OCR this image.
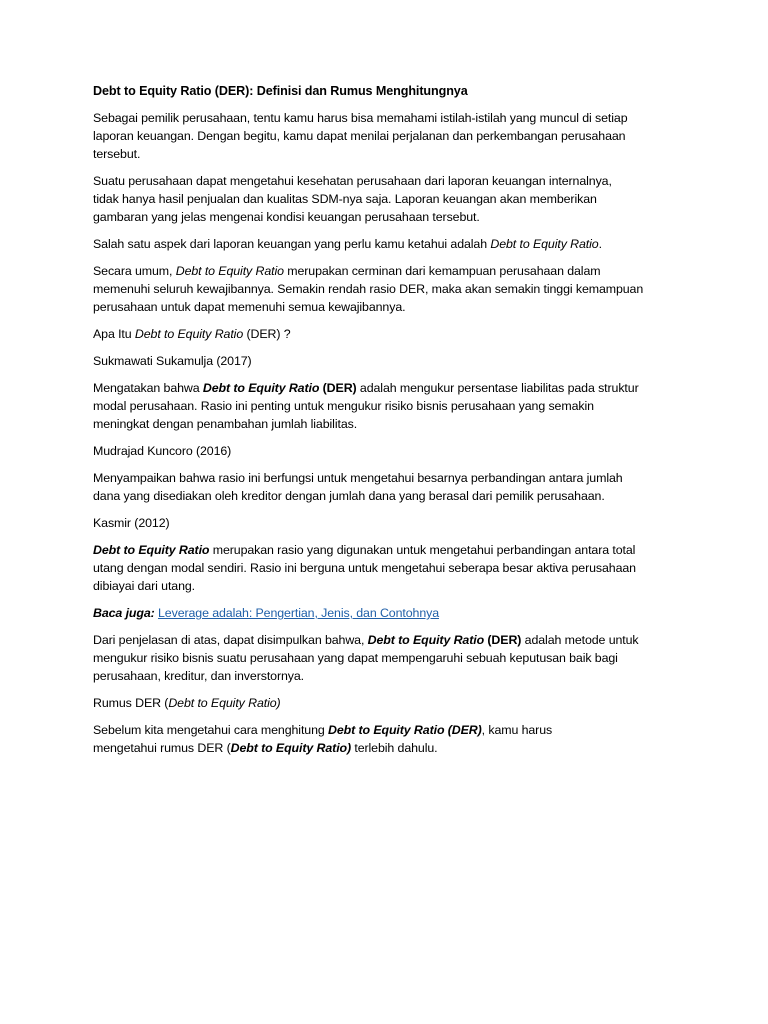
Debt to Equity Ratio (DER): Definisi dan Rumus Menghitungnya
Sebagai pemilik perusahaan, tentu kamu harus bisa memahami istilah-istilah yang muncul di setiap
laporan keuangan. Dengan begitu, kamu dapat menilai perjalanan dan perkembangan perusahaan
tersebut.
Suatu perusahaan dapat mengetahui kesehatan perusahaan dari laporan keuangan internalnya,
tidak hanya hasil penjualan dan kualitas SDM-nya saja. Laporan keuangan akan memberikan
gambaran yang jelas mengenai kondisi keuangan perusahaan tersebut.
Salah satu aspek dari laporan keuangan yang perlu kamu ketahui adalah Debt to Equity Ratio.
Secara umum, Debt to Equity Ratio merupakan cerminan dari kemampuan perusahaan dalam
memenuhi seluruh kewajibannya. Semakin rendah rasio DER, maka akan semakin tinggi kemampuan
perusahaan untuk dapat memenuhi semua kewajibannya.
Apa Itu Debt to Equity Ratio (DER) ?
Sukmawati Sukamulja (2017)
Mengatakan bahwa Debt to Equity Ratio (DER) adalah mengukur persentase liabilitas pada struktur
modal perusahaan. Rasio ini penting untuk mengukur risiko bisnis perusahaan yang semakin
meningkat dengan penambahan jumlah liabilitas.
Mudrajad Kuncoro (2016)
Menyampaikan bahwa rasio ini berfungsi untuk mengetahui besarnya perbandingan antara jumlah
dana yang disediakan oleh kreditor dengan jumlah dana yang berasal dari pemilik perusahaan.
Kasmir (2012)
Debt to Equity Ratio merupakan rasio yang digunakan untuk mengetahui perbandingan antara total
utang dengan modal sendiri. Rasio ini berguna untuk mengetahui seberapa besar aktiva perusahaan
dibiayai dari utang.
Baca juga: Leverage adalah: Pengertian, Jenis, dan Contohnya
Dari penjelasan di atas, dapat disimpulkan bahwa, Debt to Equity Ratio (DER) adalah metode untuk
mengukur risiko bisnis suatu perusahaan yang dapat mempengaruhi sebuah keputusan baik bagi
perusahaan, kreditur, dan inverstornya.
Rumus DER (Debt to Equity Ratio)
Sebelum kita mengetahui cara menghitung Debt to Equity Ratio (DER), kamu harus
mengetahui rumus DER (Debt to Equity Ratio) terlebih dahulu.
